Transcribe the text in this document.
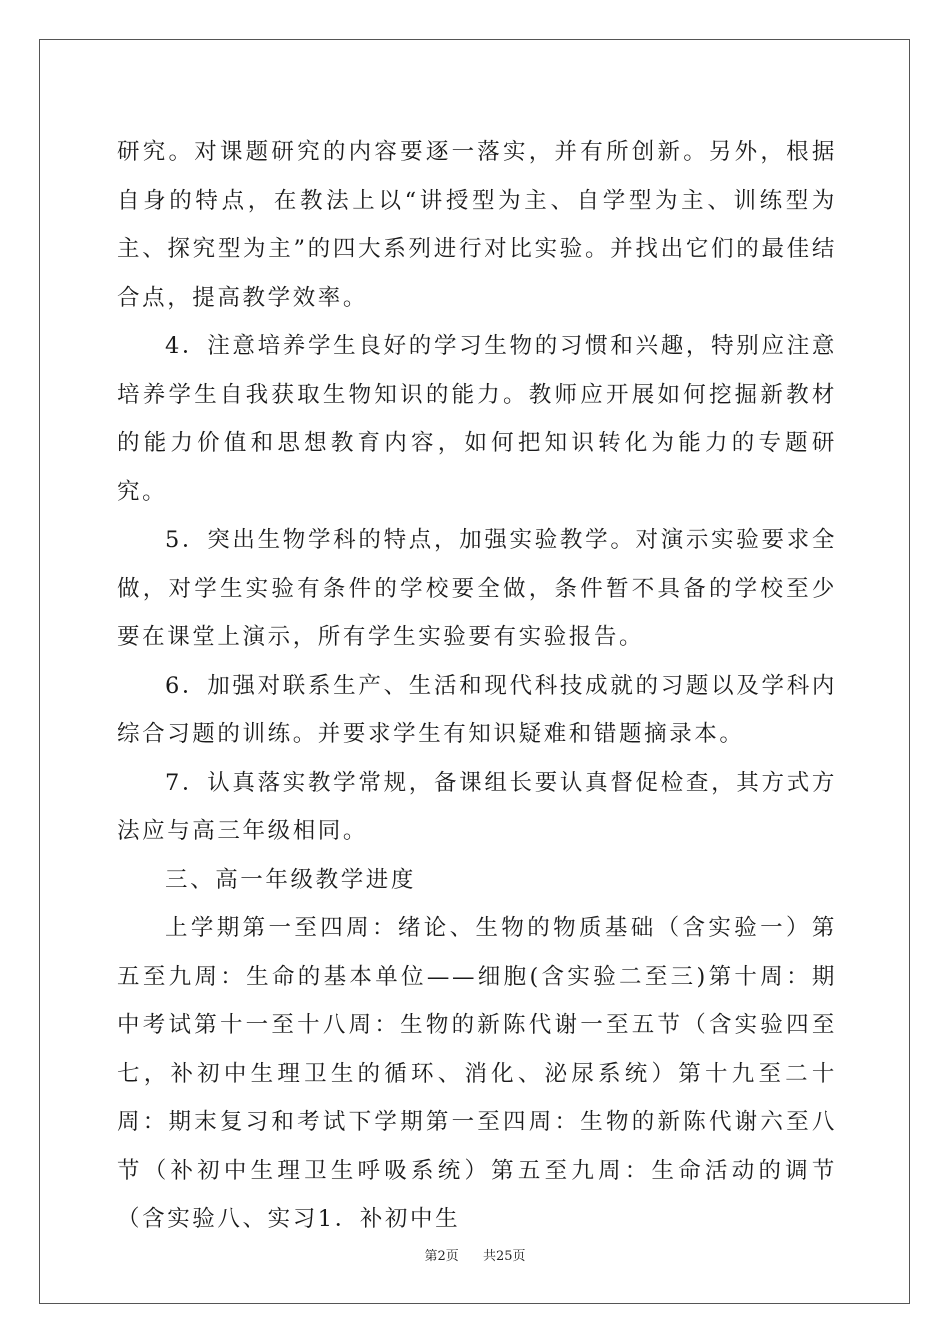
研究。对课题研究的内容要逐一落实，并有所创新。另外，根据自身的特点，在教法上以“讲授型为主、自学型为主、训练型为主、探究型为主”的四大系列进行对比实验。并找出它们的最佳结合点，提高教学效率。

4．注意培养学生良好的学习生物的习惯和兴趣，特别应注意培养学生自我获取生物知识的能力。教师应开展如何挖掘新教材的能力价值和思想教育内容，如何把知识转化为能力的专题研究。

5．突出生物学科的特点，加强实验教学。对演示实验要求全做，对学生实验有条件的学校要全做，条件暂不具备的学校至少要在课堂上演示，所有学生实验要有实验报告。

6．加强对联系生产、生活和现代科技成就的习题以及学科内综合习题的训练。并要求学生有知识疑难和错题摘录本。

7．认真落实教学常规，备课组长要认真督促检查，其方式方法应与高三年级相同。

三、高一年级教学进度

上学期第一至四周：绪论、生物的物质基础（含实验一）第五至九周：生命的基本单位——细胞(含实验二至三)第十周：期中考试第十一至十八周：生物的新陈代谢一至五节（含实验四至七，补初中生理卫生的循环、消化、泌尿系统）第十九至二十周：期末复习和考试下学期第一至四周：生物的新陈代谢六至八节（补初中生理卫生呼吸系统）第五至九周：生命活动的调节（含实验八、实习1．补初中生

第2页 共25页
